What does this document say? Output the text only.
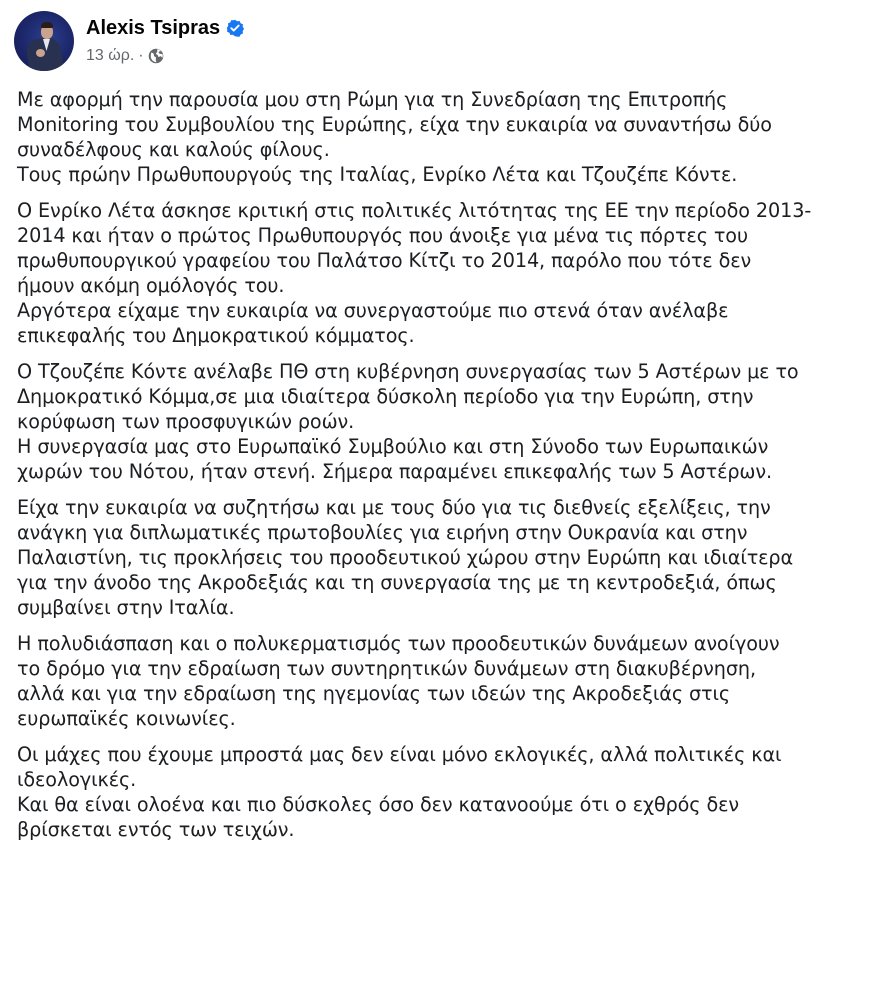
Alexis Tsipras
13 ώρ. ·
Με αφορμή την παρουσία μου στη Ρώμη για τη Συνεδρίαση της Επιτροπής
Monitoring του Συμβουλίου της Ευρώπης, είχα την ευκαιρία να συναντήσω δύο
συναδέλφους και καλούς φίλους.
Τους πρώην Πρωθυπουργούς της Ιταλίας, Ενρίκο Λέτα και Τζουζέπε Κόντε.
Ο Ενρίκο Λέτα άσκησε κριτική στις πολιτικές λιτότητας της ΕΕ την περίοδο 2013-
2014 και ήταν ο πρώτος Πρωθυπουργός που άνοιξε για μένα τις πόρτες του
πρωθυπουργικού γραφείου του Παλάτσο Κίτζι το 2014, παρόλο που τότε δεν
ήμουν ακόμη ομόλογός του.
Αργότερα είχαμε την ευκαιρία να συνεργαστούμε πιο στενά όταν ανέλαβε
επικεφαλής του Δημοκρατικού κόμματος.
Ο Τζουζέπε Κόντε ανέλαβε ΠΘ στη κυβέρνηση συνεργασίας των 5 Αστέρων με το
Δημοκρατικό Κόμμα,σε μια ιδιαίτερα δύσκολη περίοδο για την Ευρώπη, στην
κορύφωση των προσφυγικών ροών.
Η συνεργασία μας στο Ευρωπαϊκό Συμβούλιο και στη Σύνοδο των Ευρωπαικών
χωρών του Νότου, ήταν στενή. Σήμερα παραμένει επικεφαλής των 5 Αστέρων.
Είχα την ευκαιρία να συζητήσω και με τους δύο για τις διεθνείς εξελίξεις, την
ανάγκη για διπλωματικές πρωτοβουλίες για ειρήνη στην Ουκρανία και στην
Παλαιστίνη, τις προκλήσεις του προοδευτικού χώρου στην Ευρώπη και ιδιαίτερα
για την άνοδο της Ακροδεξιάς και τη συνεργασία της με τη κεντροδεξιά, όπως
συμβαίνει στην Ιταλία.
Η πολυδιάσπαση και ο πολυκερματισμός των προοδευτικών δυνάμεων ανοίγουν
το δρόμο για την εδραίωση των συντηρητικών δυνάμεων στη διακυβέρνηση,
αλλά και για την εδραίωση της ηγεμονίας των ιδεών της Ακροδεξιάς στις
ευρωπαϊκές κοινωνίες.
Οι μάχες που έχουμε μπροστά μας δεν είναι μόνο εκλογικές, αλλά πολιτικές και
ιδεολογικές.
Και θα είναι ολοένα και πιο δύσκολες όσο δεν κατανοούμε ότι ο εχθρός δεν
βρίσκεται εντός των τειχών.
